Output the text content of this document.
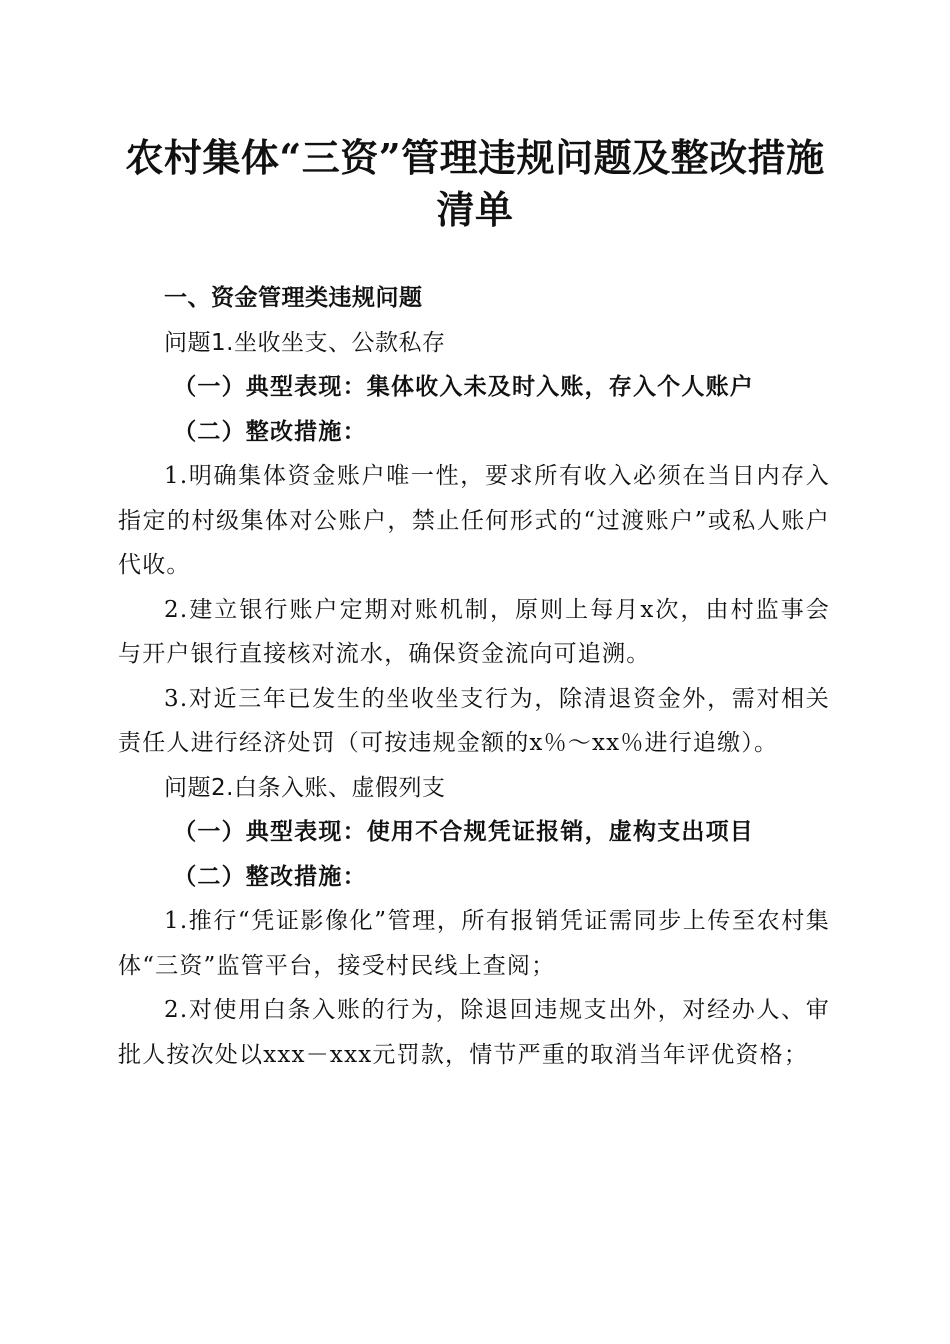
农村集体“三资”管理违规问题及整改措施清单

一、资金管理类违规问题

问题1.坐收坐支、公款私存

（一）典型表现：集体收入未及时入账，存入个人账户

（二）整改措施：

1.明确集体资金账户唯一性，要求所有收入必须在当日内存入指定的村级集体对公账户，禁止任何形式的“过渡账户”或私人账户代收。

2.建立银行账户定期对账机制，原则上每月x次，由村监事会与开户银行直接核对流水，确保资金流向可追溯。

3.对近三年已发生的坐收坐支行为，除清退资金外，需对相关责任人进行经济处罚（可按违规金额的x％～xx％进行追缴）。

问题2.白条入账、虚假列支

（一）典型表现：使用不合规凭证报销，虚构支出项目

（二）整改措施：

1.推行“凭证影像化”管理，所有报销凭证需同步上传至农村集体“三资”监管平台，接受村民线上查阅；

2.对使用白条入账的行为，除退回违规支出外，对经办人、审批人按次处以xxx－xxx元罚款，情节严重的取消当年评优资格；
